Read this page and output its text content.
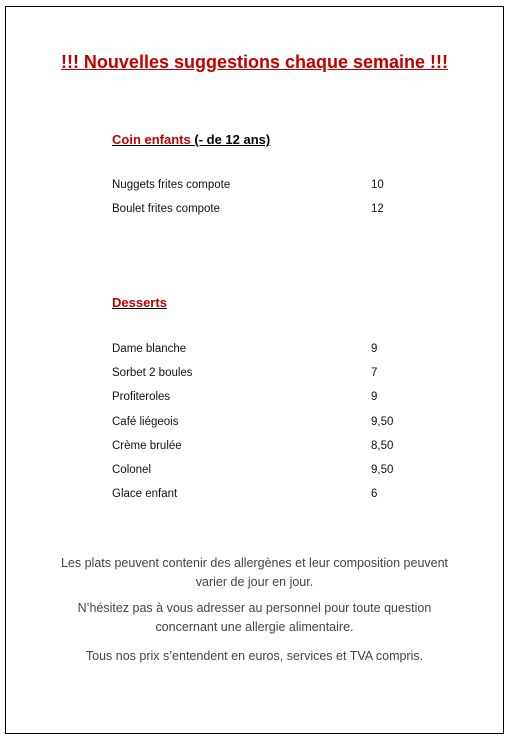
!!! Nouvelles suggestions chaque semaine !!!
Coin enfants (- de 12 ans)
Nuggets frites compote	10
Boulet frites compote	12
Desserts
Dame blanche	9
Sorbet 2 boules	7
Profiteroles	9
Café liégeois	9,50
Crème brulée	8,50
Colonel	9,50
Glace enfant	6
Les plats peuvent contenir des allergènes et leur composition peuvent varier de jour en jour.
N’hésitez pas à vous adresser au personnel pour toute question concernant une allergie alimentaire.
Tous nos prix s’entendent en euros, services et TVA compris.
